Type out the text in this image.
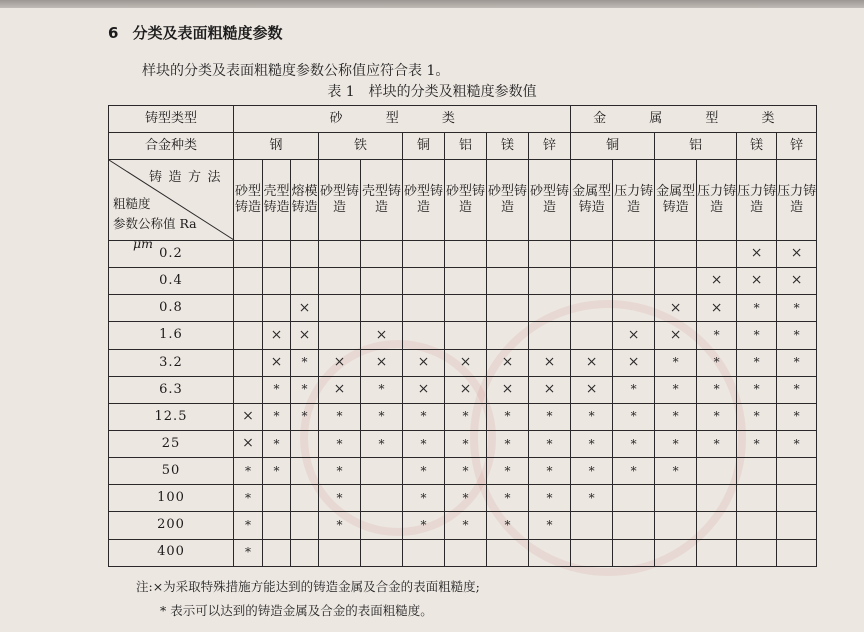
6 分类及表面粗糙度参数
样块的分类及表面粗糙度参数公称值应符合表 1。
表 1 样块的分类及粗糙度参数值
铸型类型	砂 型 类									金 属 型 类					
合金种类	钢			铁		铜	铝	镁	锌	铜		铝		镁	锌

铸造方法
粗糙度
参数公称值 Ra
μm	砂型铸造	壳型铸造	熔模铸造	砂型铸造	壳型铸造	砂型铸造	砂型铸造	砂型铸造	砂型铸造	金属型铸造	压力铸造	金属型铸造	压力铸造	压力铸造	压力铸造
0.2														×	×
0.4													×	×	×
0.8			×									×	×	*	*
1.6		×	×		×						×	×	*	*	*
3.2		×	*	×	×	×	×	×	×	×	×	*	*	*	*
6.3		*	*	×	*	×	×	×	×	×	*	*	*	*	*
12.5	×	*	*	*	*	*	*	*	*	*	*	*	*	*	*
25	×	*		*	*	*	*	*	*	*	*	*	*	*	*
50	*	*		*		*	*	*	*	*	*	*			
100	*			*		*	*	*	*	*					
200	*			*		*	*	*	*						
400	*														
注:×为采取特殊措施方能达到的铸造金属及合金的表面粗糙度;
* 表示可以达到的铸造金属及合金的表面粗糙度。
